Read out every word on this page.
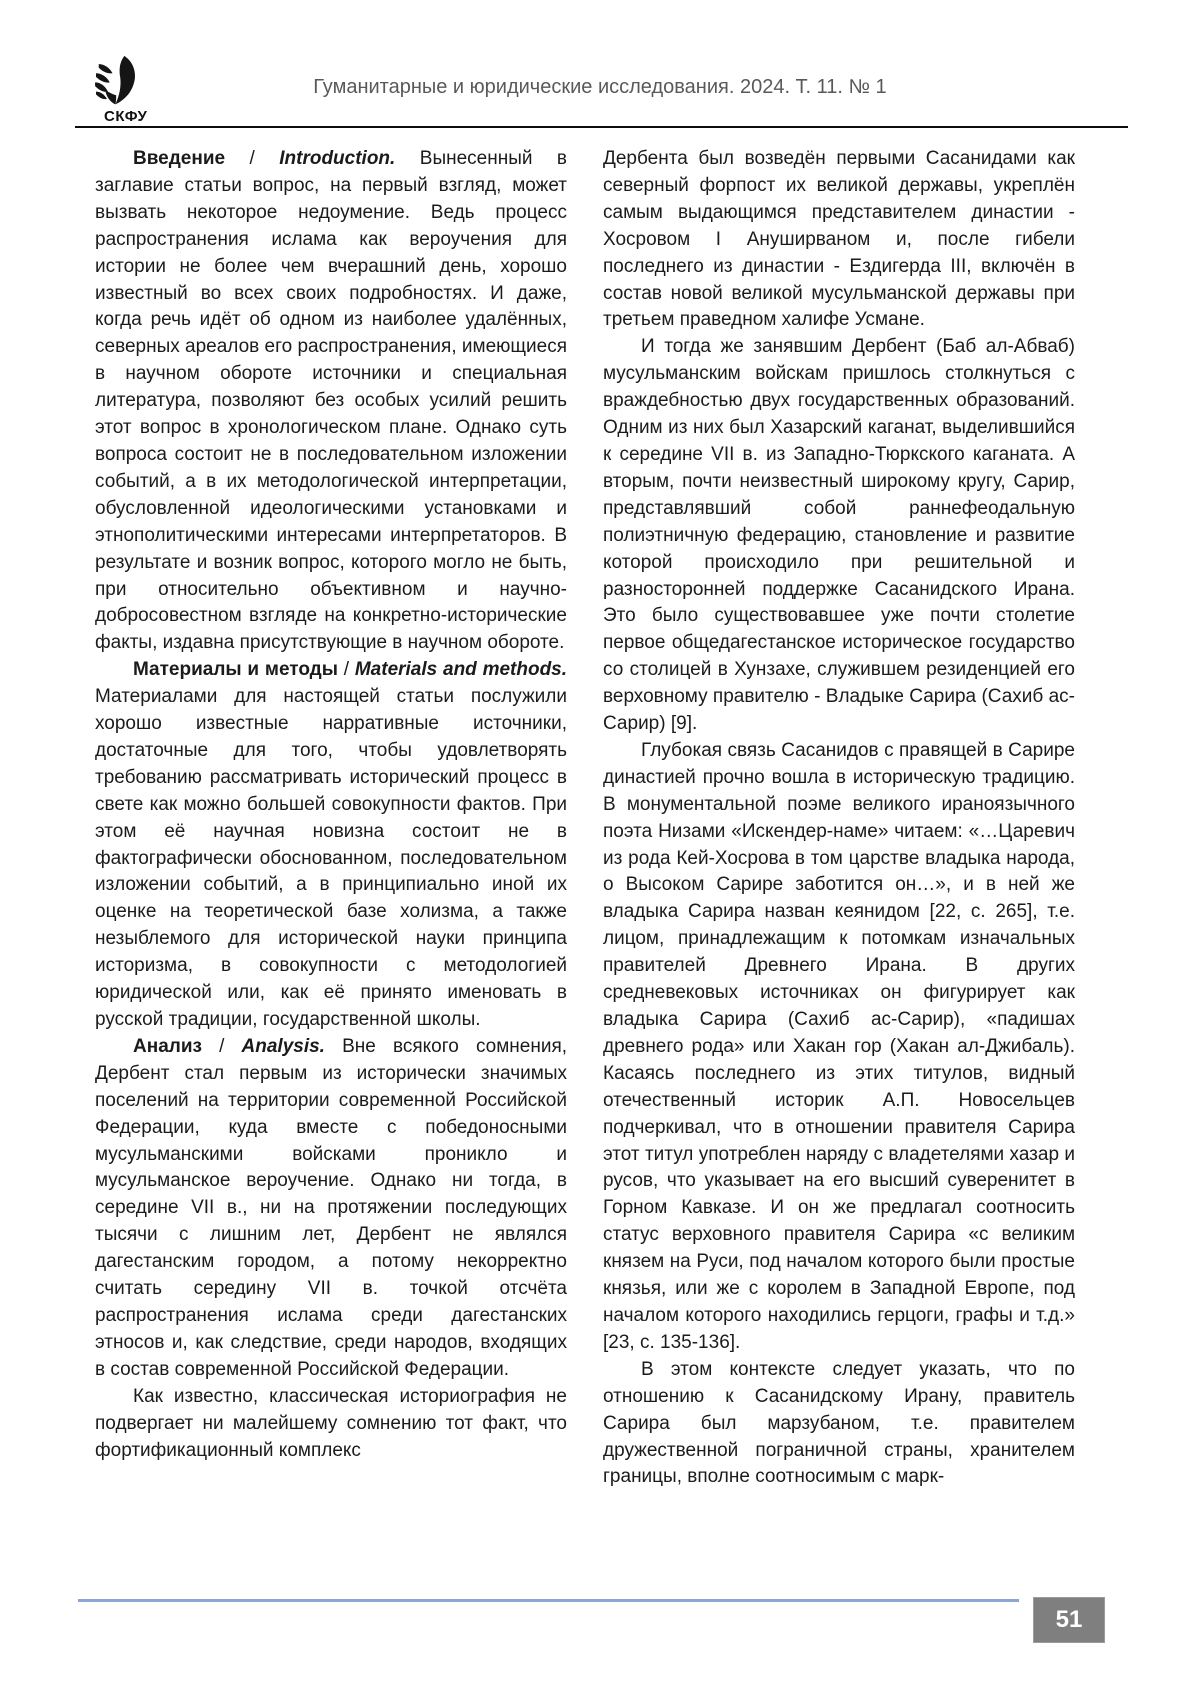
СКФУ
Гуманитарные и юридические исследования. 2024. Т. 11. № 1

Введение / Introduction. Вынесенный в заглавие статьи вопрос, на первый взгляд, может вызвать некоторое недоумение. Ведь процесс распространения ислама как вероучения для истории не более чем вчерашний день, хорошо известный во всех своих подробностях. И даже, когда речь идёт об одном из наиболее удалённых, северных ареалов его распространения, имеющиеся в научном обороте источники и специальная литература, позволяют без особых усилий решить этот вопрос в хронологическом плане. Однако суть вопроса состоит не в последовательном изложении событий, а в их методологической интерпретации, обусловленной идеологическими установками и этнополитическими интересами интерпретаторов. В результате и возник вопрос, которого могло не быть, при относительно объективном и научно-добросовестном взгляде на конкретно-исторические факты, издавна присутствующие в научном обороте.

Материалы и методы / Materials and methods. Материалами для настоящей статьи послужили хорошо известные нарративные источники, достаточные для того, чтобы удовлетворять требованию рассматривать исторический процесс в свете как можно большей совокупности фактов. При этом её научная новизна состоит не в фактографически обоснованном, последовательном изложении событий, а в принципиально иной их оценке на теоретической базе холизма, а также незыблемого для исторической науки принципа историзма, в совокупности с методологией юридической или, как её принято именовать в русской традиции, государственной школы.

Анализ / Analysis. Вне всякого сомнения, Дербент стал первым из исторически значимых поселений на территории современной Российской Федерации, куда вместе с победоносными мусульманскими войсками проникло и мусульманское вероучение. Однако ни тогда, в середине VII в., ни на протяжении последующих тысячи с лишним лет, Дербент не являлся дагестанским городом, а потому некорректно считать середину VII в. точкой отсчёта распространения ислама среди дагестанских этносов и, как следствие, среди народов, входящих в состав современной Российской Федерации.

Как известно, классическая историография не подвергает ни малейшему сомнению тот факт, что фортификационный комплекс

Дербента был возведён первыми Сасанидами как северный форпост их великой державы, укреплён самым выдающимся представителем династии - Хосровом I Ануширваном и, после гибели последнего из династии - Ездигерда III, включён в состав новой великой мусульманской державы при третьем праведном халифе Усмане.

И тогда же занявшим Дербент (Баб ал-Абваб) мусульманским войскам пришлось столкнуться с враждебностью двух государственных образований. Одним из них был Хазарский каганат, выделившийся к середине VII в. из Западно-Тюркского каганата. А вторым, почти неизвестный широкому кругу, Сарир, представлявший собой раннефеодальную полиэтничную федерацию, становление и развитие которой происходило при решительной и разносторонней поддержке Сасанидского Ирана. Это было существовавшее уже почти столетие первое общедагестанское историческое государство со столицей в Хунзахе, служившем резиденцией его верховному правителю - Владыке Сарира (Сахиб ас-Сарир) [9].

Глубокая связь Сасанидов с правящей в Сарире династией прочно вошла в историческую традицию. В монументальной поэме великого ираноязычного поэта Низами «Искендер-наме» читаем: «…Царевич из рода Кей-Хосрова в том царстве владыка народа, о Высоком Сарире заботится он…», и в ней же владыка Сарира назван кеянидом [22, с. 265], т.е. лицом, принадлежащим к потомкам изначальных правителей Древнего Ирана. В других средневековых источниках он фигурирует как владыка Сарира (Сахиб ас-Сарир), «падишах древнего рода» или Хакан гор (Хакан ал-Джибаль). Касаясь последнего из этих титулов, видный отечественный историк А.П. Новосельцев подчеркивал, что в отношении правителя Сарира этот титул употреблен наряду с владетелями хазар и русов, что указывает на его высший суверенитет в Горном Кавказе. И он же предлагал соотносить статус верховного правителя Сарира «с великим князем на Руси, под началом которого были простые князья, или же с королем в Западной Европе, под началом которого находились герцоги, графы и т.д.» [23, с. 135-136].

В этом контексте следует указать, что по отношению к Сасанидскому Ирану, правитель Сарира был марзубаном, т.е. правителем дружественной пограничной страны, хранителем границы, вполне соотносимым с марк-

51
